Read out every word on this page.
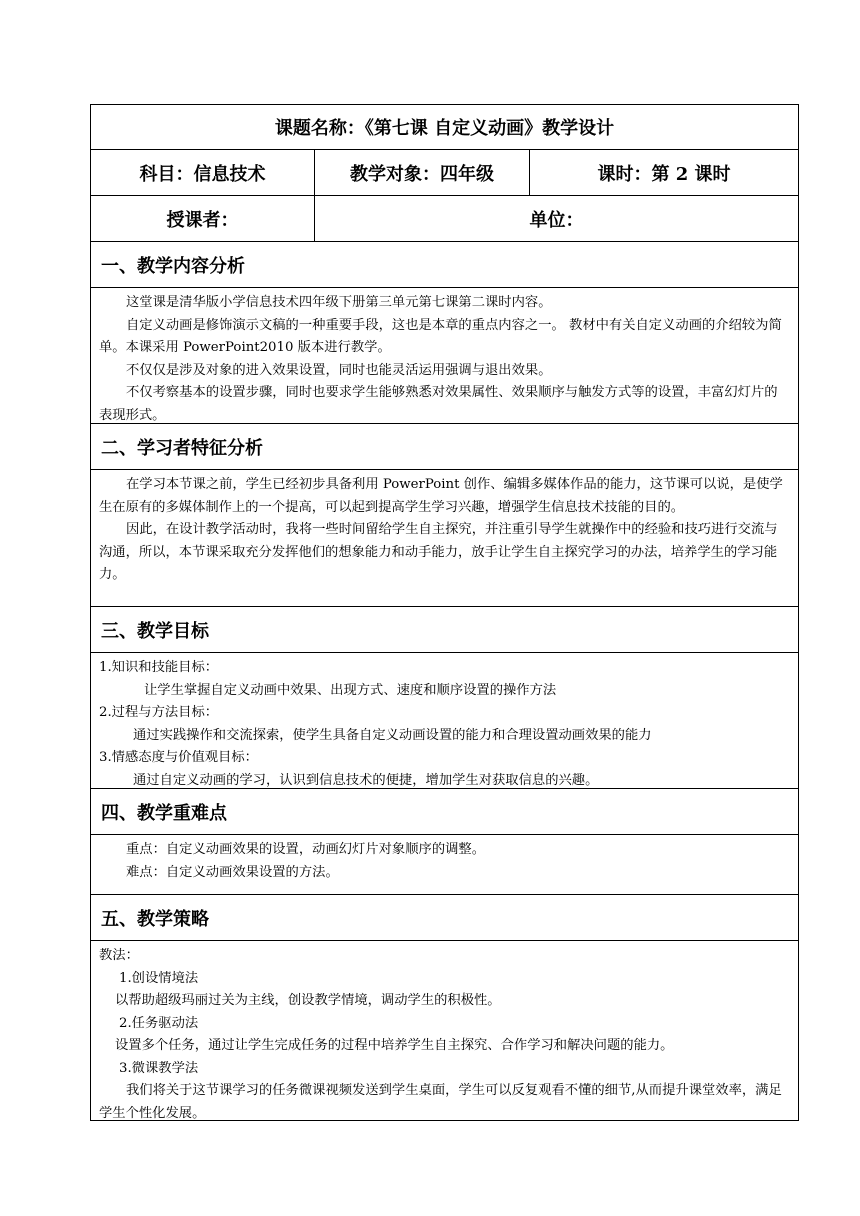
课题名称：《第七课 自定义动画》教学设计
科目：信息技术	教学对象：四年级	课时：第 2 课时
授课者：	单位：
一、教学内容分析

这堂课是清华版小学信息技术四年级下册第三单元第七课第二课时内容。

自定义动画是修饰演示文稿的一种重要手段，这也是本章的重点内容之一。 教材中有关自定义动画的介绍较为简单。本课采用 PowerPoint2010 版本进行教学。

不仅仅是涉及对象的进入效果设置，同时也能灵活运用强调与退出效果。

不仅考察基本的设置步骤，同时也要求学生能够熟悉对效果属性、效果顺序与触发方式等的设置，丰富幻灯片的表现形式。

二、学习者特征分析

在学习本节课之前，学生已经初步具备利用 PowerPoint 创作、编辑多媒体作品的能力，这节课可以说，是使学生在原有的多媒体制作上的一个提高，可以起到提高学生学习兴趣，增强学生信息技术技能的目的。

因此，在设计教学活动时，我将一些时间留给学生自主探究，并注重引导学生就操作中的经验和技巧进行交流与沟通，所以，本节课采取充分发挥他们的想象能力和动手能力，放手让学生自主探究学习的办法，培养学生的学习能力。

三、教学目标

1.知识和技能目标：

让学生掌握自定义动画中效果、出现方式、速度和顺序设置的操作方法

2.过程与方法目标：

通过实践操作和交流探索，使学生具备自定义动画设置的能力和合理设置动画效果的能力

3.情感态度与价值观目标：

通过自定义动画的学习，认识到信息技术的便捷，增加学生对获取信息的兴趣。

四、教学重难点

重点：自定义动画效果的设置，动画幻灯片对象顺序的调整。

难点：自定义动画效果设置的方法。

五、教学策略

教法：

1.创设情境法

以帮助超级玛丽过关为主线，创设教学情境，调动学生的积极性。

2.任务驱动法

设置多个任务，通过让学生完成任务的过程中培养学生自主探究、合作学习和解决问题的能力。

3.微课教学法

我们将关于这节课学习的任务微课视频发送到学生桌面，学生可以反复观看不懂的细节,从而提升课堂效率，满足学生个性化发展。
